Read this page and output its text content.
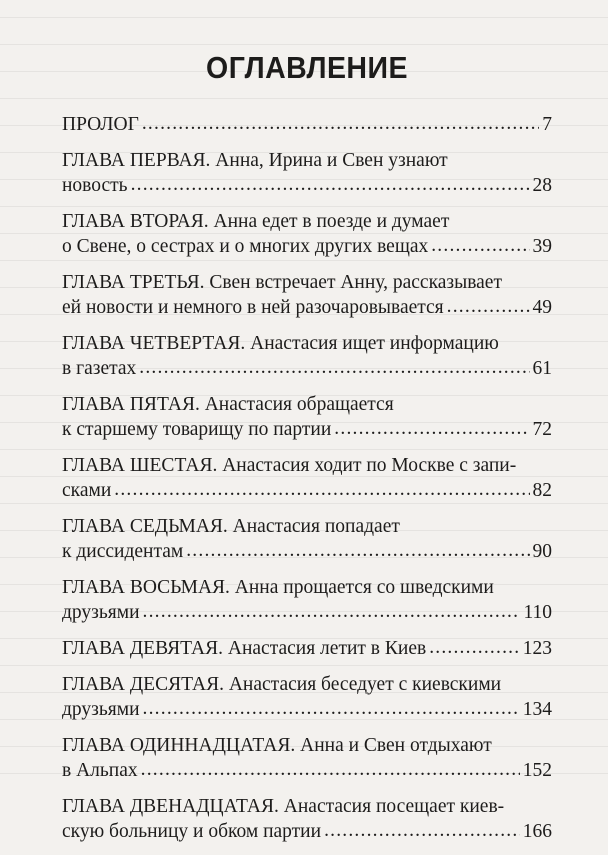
ОГЛАВЛЕНИЕ
ПРОЛОГ .....	7
ГЛАВА ПЕРВАЯ. Анна, Ирина и Свен узнают
новость .....	28
ГЛАВА ВТОРАЯ. Анна едет в поезде и думает
о Свене, о сестрах и о многих других вещах .....	39
ГЛАВА ТРЕТЬЯ. Свен встречает Анну, рассказывает
ей новости и немного в ней разочаровывается .....	49
ГЛАВА ЧЕТВЕРТАЯ. Анастасия ищет информацию
в газетах .....	61
ГЛАВА ПЯТАЯ. Анастасия обращается
к старшему товарищу по партии .....	72
ГЛАВА ШЕСТАЯ. Анастасия ходит по Москве с запи-
сками .....	82
ГЛАВА СЕДЬМАЯ. Анастасия попадает
к диссидентам .....	90
ГЛАВА ВОСЬМАЯ. Анна прощается со шведскими
друзьями .....	110
ГЛАВА ДЕВЯТАЯ. Анастасия летит в Киев .....	123
ГЛАВА ДЕСЯТАЯ. Анастасия беседует с киевскими
друзьями .....	134
ГЛАВА ОДИННАДЦАТАЯ. Анна и Свен отдыхают
в Альпах .....	152
ГЛАВА ДВЕНАДЦАТАЯ. Анастасия посещает киев-
скую больницу и обком партии .....	166
